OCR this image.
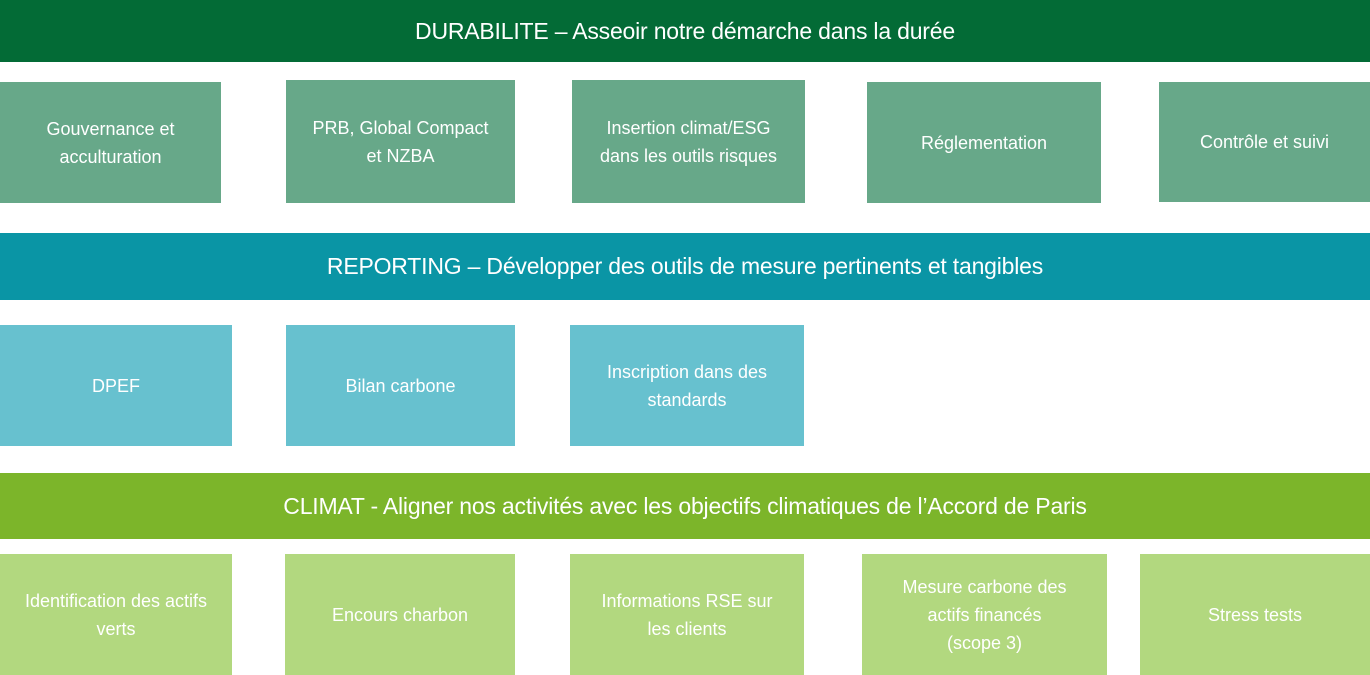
DURABILITE – Asseoir notre démarche dans la durée
Gouvernance et
acculturation
PRB, Global Compact
et NZBA
Insertion climat/ESG
dans les outils risques
Réglementation	Contrôle et suivi
REPORTING – Développer des outils de mesure pertinents et tangibles
DPEF	Bilan carbone
Inscription dans des
standards
CLIMAT - Aligner nos activités avec les objectifs climatiques de l’Accord de Paris
Identification des actifs
verts
Encours charbon
Informations RSE sur
les clients
Mesure carbone des
actifs financés
(scope 3)
Stress tests
